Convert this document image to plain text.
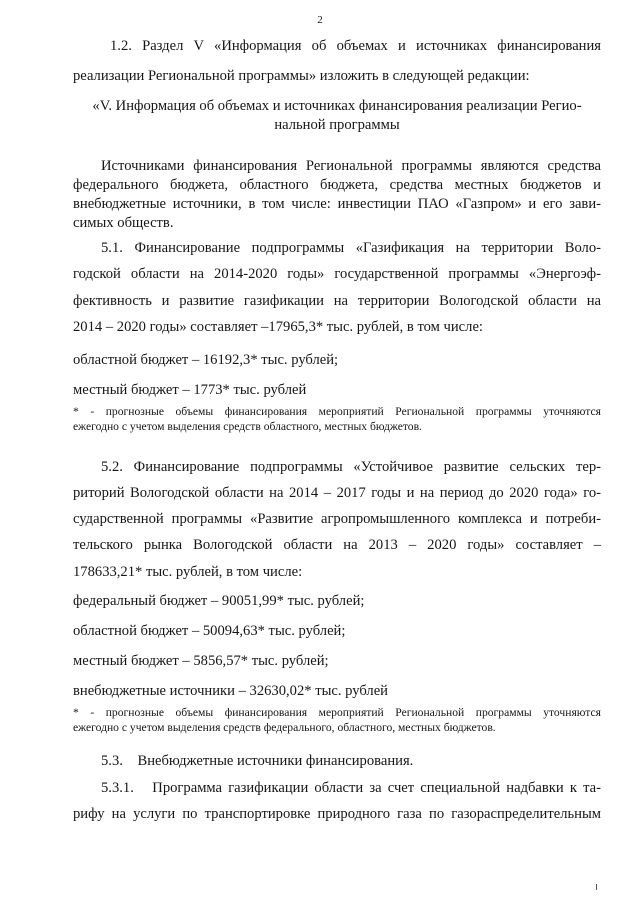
2
1.2. Раздел V «Информация об объемах и источниках финансирования
реализации Региональной программы» изложить в следующей редакции:
«V. Информация об объемах и источниках финансирования реализации Регио-
нальной программы
Источниками финансирования Региональной программы являются средства
федерального бюджета, областного бюджета, средства местных бюджетов и
внебюджетные источники, в том числе: инвестиции ПАО «Газпром» и его зави-
симых обществ.
5.1. Финансирование подпрограммы «Газификация на территории Воло-
годской области на 2014-2020 годы» государственной программы «Энергоэф-
фективность и развитие газификации на территории Вологодской области на
2014 – 2020 годы» составляет –17965,3* тыс. рублей, в том числе:
областной бюджет – 16192,3* тыс. рублей;
местный бюджет – 1773* тыс. рублей
* - прогнозные объемы финансирования мероприятий Региональной программы уточняются
ежегодно с учетом выделения средств областного, местных бюджетов.
5.2. Финансирование подпрограммы «Устойчивое развитие сельских тер-
риторий Вологодской области на 2014 – 2017 годы и на период до 2020 года» го-
сударственной программы «Развитие агропромышленного комплекса и потреби-
тельского рынка Вологодской области на 2013 – 2020 годы» составляет –
178633,21* тыс. рублей, в том числе:
федеральный бюджет – 90051,99* тыс. рублей;
областной бюджет – 50094,63* тыс. рублей;
местный бюджет – 5856,57* тыс. рублей;
внебюджетные источники – 32630,02* тыс. рублей
* - прогнозные объемы финансирования мероприятий Региональной программы уточняются
ежегодно с учетом выделения средств федерального, областного, местных бюджетов.
5.3.    Внебюджетные источники финансирования.
5.3.1.   Программа газификации области за счет специальной надбавки к та-
рифу на услуги по транспортировке природного газа по газораспределительным
